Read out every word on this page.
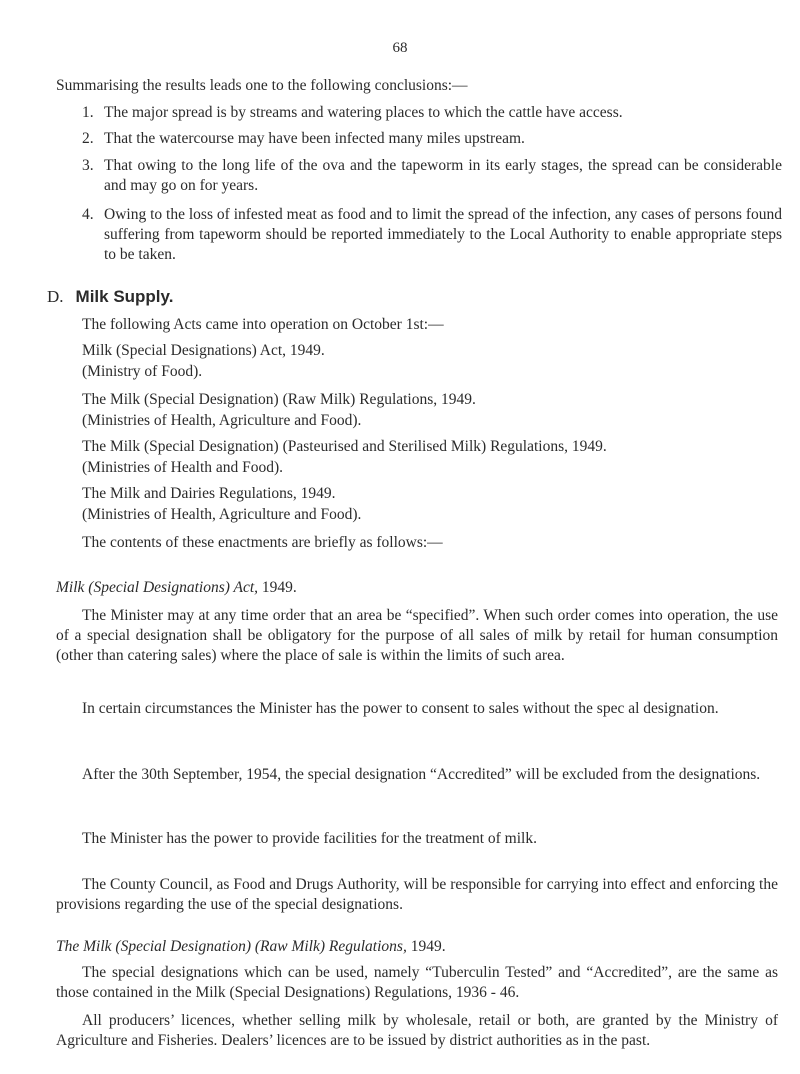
68
Summarising the results leads one to the following conclusions:—
1. The major spread is by streams and watering places to which the cattle have access.
2. That the watercourse may have been infected many miles upstream.
3. That owing to the long life of the ova and the tapeworm in its early stages, the spread can be considerable and may go on for years.
4. Owing to the loss of infested meat as food and to limit the spread of the infection, any cases of persons found suffering from tapeworm should be reported immediately to the Local Authority to enable appropriate steps to be taken.
D. Milk Supply.
The following Acts came into operation on October 1st:—
Milk (Special Designations) Act, 1949.
(Ministry of Food).
The Milk (Special Designation) (Raw Milk) Regulations, 1949.
(Ministries of Health, Agriculture and Food).
The Milk (Special Designation) (Pasteurised and Sterilised Milk) Regulations, 1949.
(Ministries of Health and Food).
The Milk and Dairies Regulations, 1949.
(Ministries of Health, Agriculture and Food).
The contents of these enactments are briefly as follows:—
Milk (Special Designations) Act, 1949.
The Minister may at any time order that an area be “specified”. When such order comes into operation, the use of a special designation shall be obligatory for the purpose of all sales of milk by retail for human consumption (other than catering sales) where the place of sale is within the limits of such area.
In certain circumstances the Minister has the power to consent to sales without the spec al designation.
After the 30th September, 1954, the special designation “Accredited” will be excluded from the designations.
The Minister has the power to provide facilities for the treatment of milk.
The County Council, as Food and Drugs Authority, will be responsible for carrying into effect and enforcing the provisions regarding the use of the special designations.
The Milk (Special Designation) (Raw Milk) Regulations, 1949.
The special designations which can be used, namely “Tuberculin Tested” and “Accredited”, are the same as those contained in the Milk (Special Designations) Regulations, 1936 - 46.
All producers’ licences, whether selling milk by wholesale, retail or both, are granted by the Ministry of Agriculture and Fisheries. Dealers’ licences are to be issued by district authorities as in the past.
